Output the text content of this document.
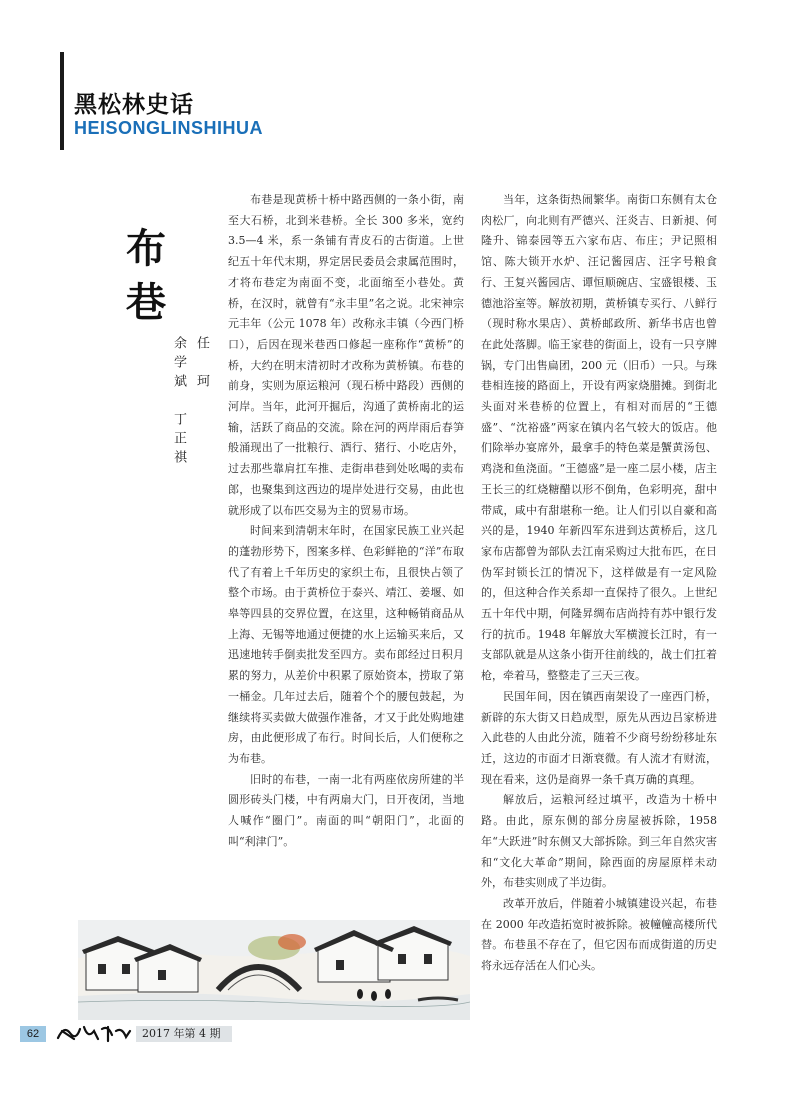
黑松林史话
HEISONGLINSHIHUA
布
巷
任　珂
余学斌　丁正祺

布巷是现黄桥十桥中路西侧的一条小街，南至大石桥，北到米巷桥。全长 300 多米，宽约 3.5—4 米，系一条铺有青皮石的古街道。上世纪五十年代末期，界定居民委员会隶属范围时，才将布巷定为南面不变，北面缩至小巷处。黄桥，在汉时，就曾有“永丰里”名之说。北宋神宗元丰年（公元 1078 年）改称永丰镇（今西门桥口），后因在现米巷西口修起一座称作“黄桥”的桥，大约在明末清初时才改称为黄桥镇。布巷的前身，实则为原运粮河（现石桥中路段）西侧的河岸。当年，此河开掘后，沟通了黄桥南北的运输，活跃了商品的交流。除在河的两岸雨后春笋般涌现出了一批粮行、酒行、猪行、小吃店外，过去那些靠肩扛车推、走街串巷到处吆喝的卖布郎，也聚集到这西边的堤岸处进行交易，由此也就形成了以布匹交易为主的贸易市场。

时间来到清朝末年时，在国家民族工业兴起的蓬勃形势下，图案多样、色彩鲜艳的“洋”布取代了有着上千年历史的家织土布，且很快占领了整个市场。由于黄桥位于泰兴、靖江、姜堰、如皋等四县的交界位置，在这里，这种畅销商品从上海、无锡等地通过便捷的水上运输买来后，又迅速地转手倒卖批发至四方。卖布郎经过日积月累的努力，从差价中积累了原始资本，捞取了第一桶金。几年过去后，随着个个的腰包鼓起，为继续将买卖做大做强作准备，才又于此处购地建房，由此便形成了布行。时间长后，人们便称之为布巷。

旧时的布巷，一南一北有两座依房所建的半圆形砖头门楼，中有两扇大门，日开夜闭，当地人喊作“圈门”。南面的叫“朝阳门”，北面的叫“利津门”。

当年，这条街热闹繁华。南街口东侧有太仓肉松厂，向北则有严德兴、汪炎吉、日新昶、何隆升、锦泰园等五六家布店、布庄；尹记照相馆、陈大锁开水炉、汪记酱园店、汪字号粮食行、王复兴酱园店、谭恒顺碗店、宝盛银楼、玉德池浴室等。解放初期，黄桥镇专买行、八鲜行（现时称水果店）、黄桥邮政所、新华书店也曾在此处落脚。临王家巷的街面上，设有一只亨牌锅，专门出售扁团，200 元（旧币）一只。与珠巷相连接的路面上，开设有两家烧腊摊。到街北头面对米巷桥的位置上，有相对而居的“王德盛”、“沈裕盛”两家在镇内名气较大的饭店。他们除举办宴席外，最拿手的特色菜是蟹黄汤包、鸡浇和鱼浇面。“王德盛”是一座二层小楼，店主王长三的红烧糖醋以形不倒角，色彩明亮，甜中带咸，咸中有甜堪称一绝。让人们引以自豪和高兴的是，1940 年新四军东进到达黄桥后，这几家布店都曾为部队去江南采购过大批布匹，在日伪军封锁长江的情况下，这样做是有一定风险的，但这种合作关系却一直保持了很久。上世纪五十年代中期，何隆昇绸布店尚持有苏中银行发行的抗币。1948 年解放大军横渡长江时，有一支部队就是从这条小街开往前线的，战士们扛着枪，牵着马，整整走了三天三夜。

民国年间，因在镇西南架设了一座西门桥，新辟的东大街又日趋成型，原先从西边吕家桥进入此巷的人由此分流，随着不少商号纷纷移址东迁，这边的市面才日渐衰微。有人流才有财流，现在看来，这仍是商界一条千真万确的真理。

解放后，运粮河经过填平，改造为十桥中路。由此，原东侧的部分房屋被拆除，1958 年“大跃进”时东侧又大部拆除。到三年自然灾害和“文化大革命”期间，除西面的房屋原样未动外，布巷实则成了半边街。

改革开放后，伴随着小城镇建设兴起，布巷在 2000 年改造拓宽时被拆除。被幢幢高楼所代替。布巷虽不存在了，但它因布而成街道的历史将永远存活在人们心头。

62	2017 年第 4 期
